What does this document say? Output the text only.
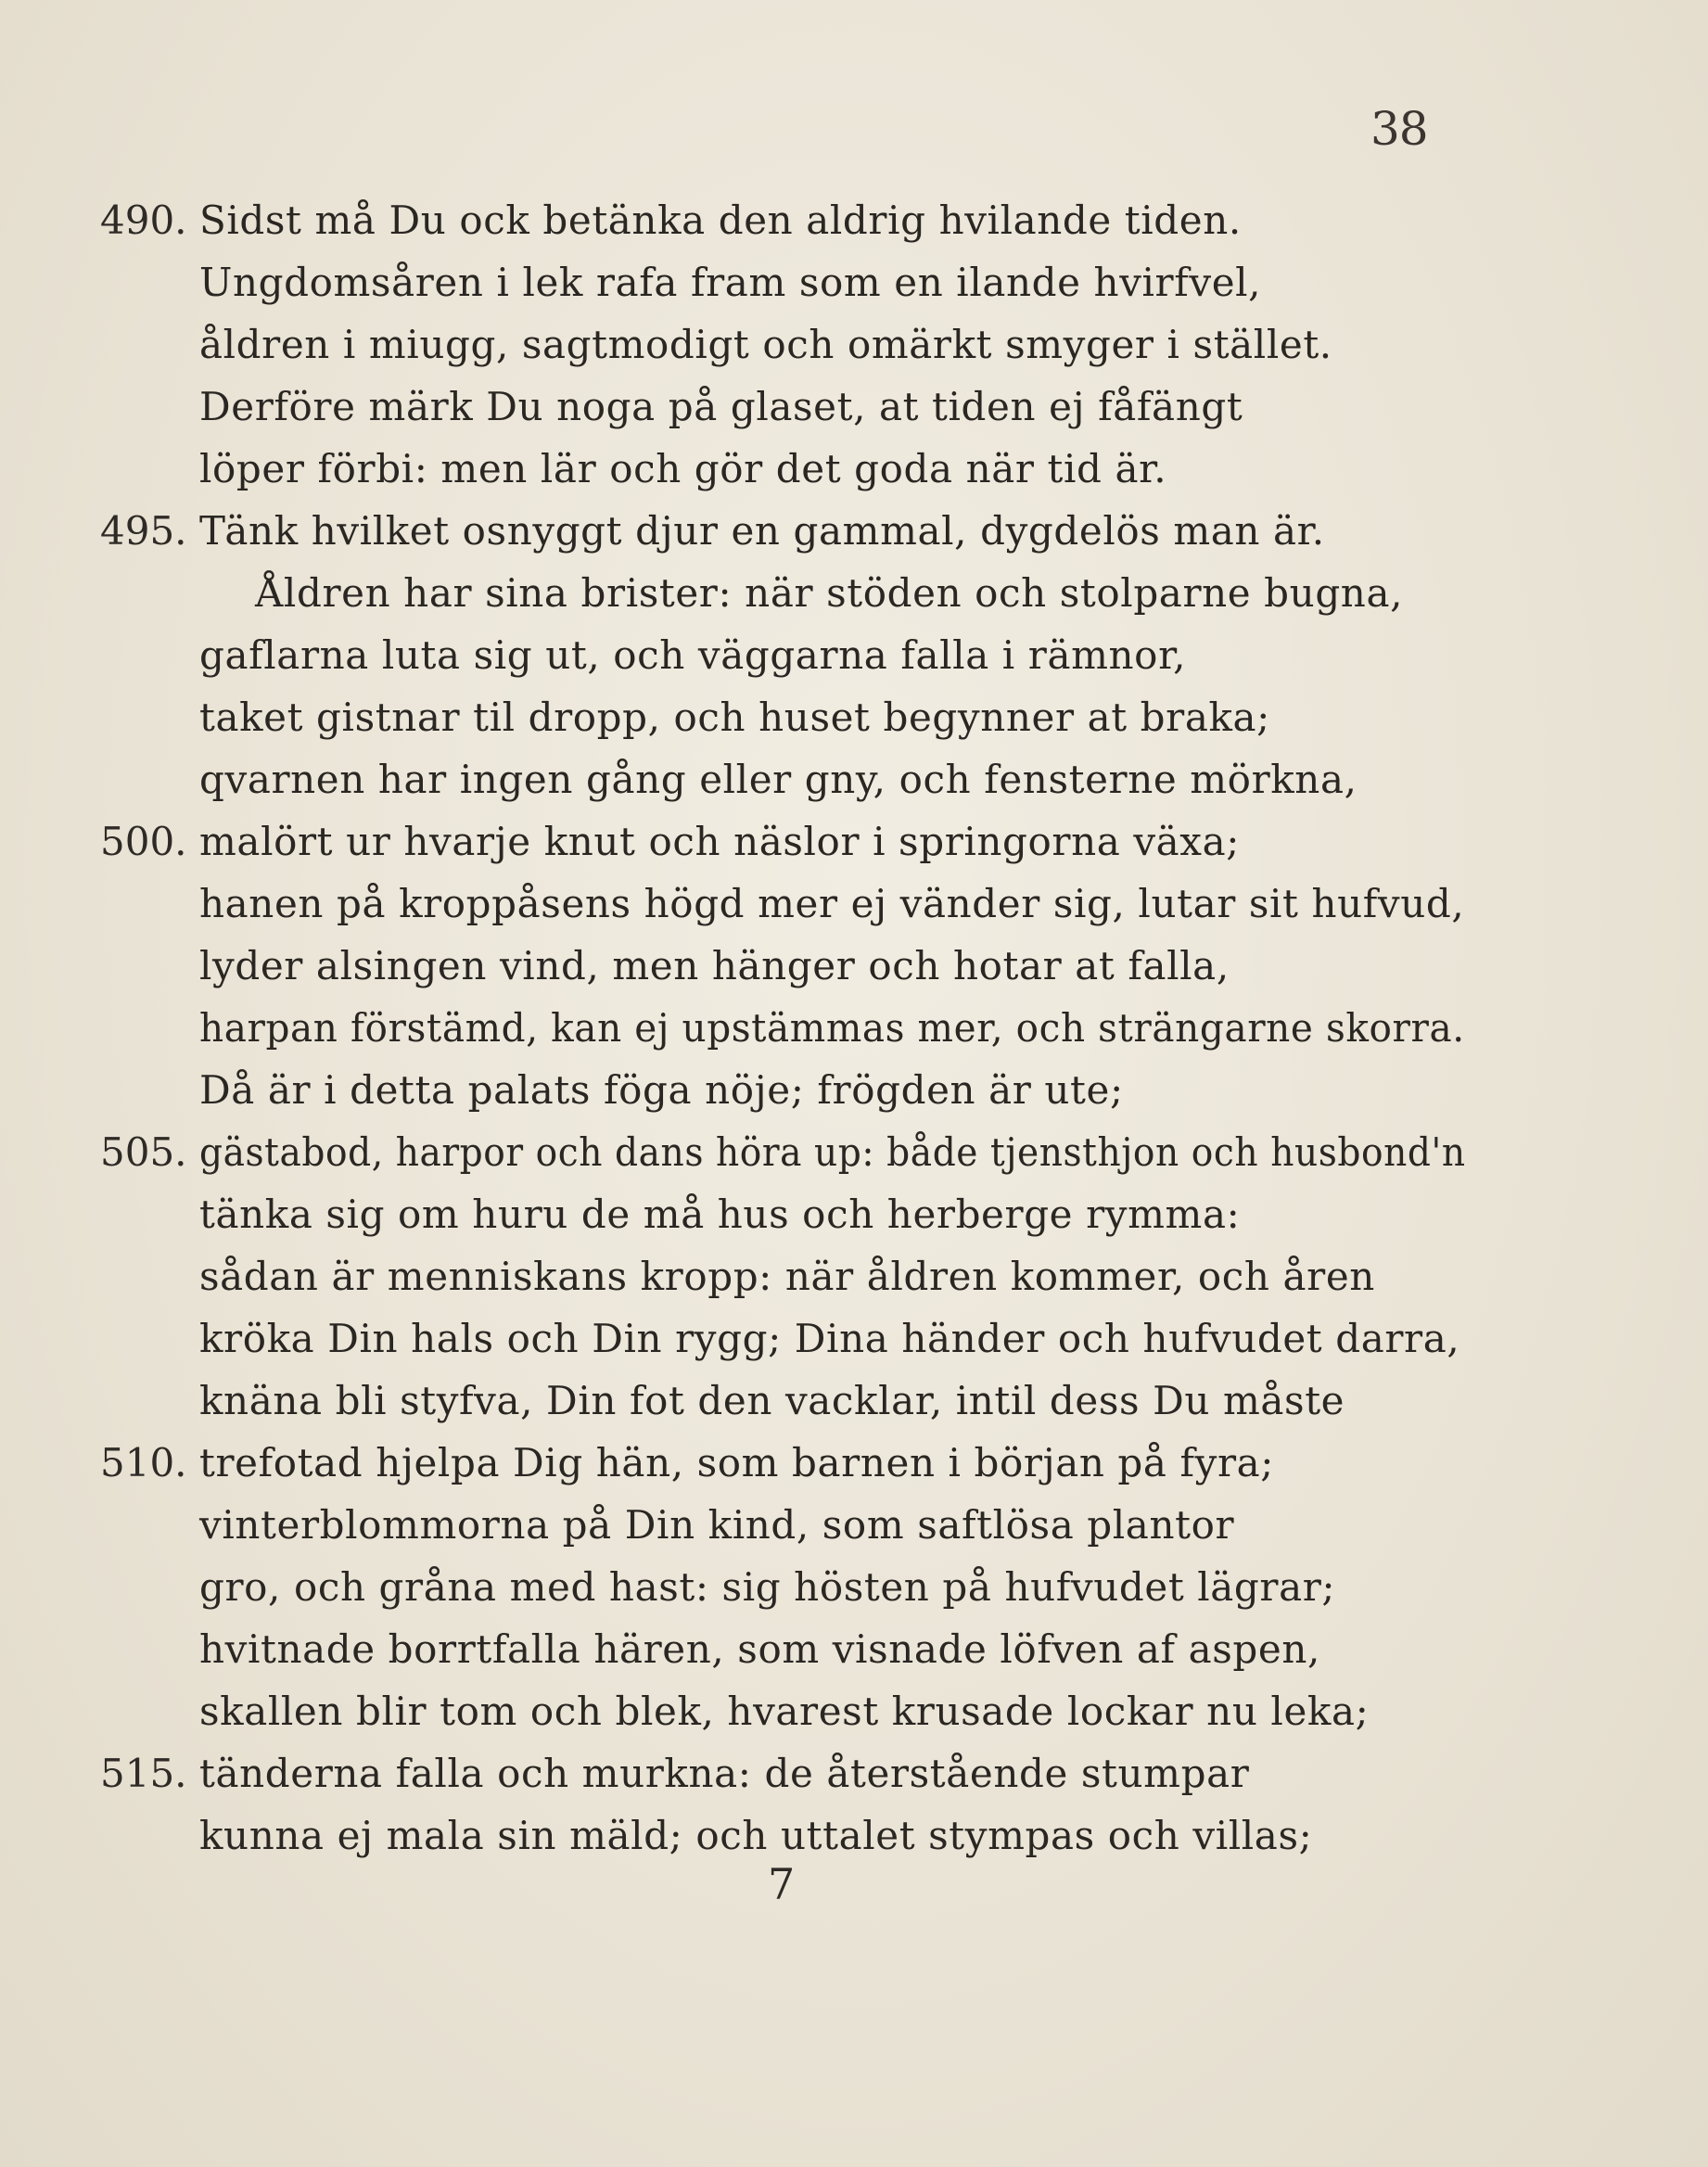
38
490. Sidst må Du ock betänka den aldrig hvilande tiden.
Ungdomsåren i lek rafa fram som en ilande hvirfvel,
åldren i miugg, sagtmodigt och omärkt smyger i stället.
Derföre märk Du noga på glaset, at tiden ej fåfängt
löper förbi: men lär och gör det goda när tid är.
495. Tänk hvilket osnyggt djur en gammal, dygdelös man är.
Åldren har sina brister: när stöden och stolparne bugna,
gaflarna luta sig ut, och väggarna falla i rämnor,
taket gistnar til dropp, och huset begynner at braka;
qvarnen har ingen gång eller gny, och fensterne mörkna,
500. malört ur hvarje knut och näslor i springorna växa;
hanen på kroppåsens högd mer ej vänder sig, lutar sit hufvud,
lyder alsingen vind, men hänger och hotar at falla,
harpan förstämd, kan ej upstämmas mer, och strängarne skorra.
Då är i detta palats föga nöje; frögden är ute;
505. gästabod, harpor och dans höra up: både tjensthjon och husbond'n
tänka sig om huru de må hus och herberge rymma:
sådan är menniskans kropp: när åldren kommer, och åren
kröka Din hals och Din rygg; Dina händer och hufvudet darra,
knäna bli styfva, Din fot den vacklar, intil dess Du måste
510. trefotad hjelpa Dig hän, som barnen i början på fyra;
vinterblommorna på Din kind, som saftlösa plantor
gro, och gråna med hast: sig hösten på hufvudet lägrar;
hvitnade borrtfalla hären, som visnade löfven af aspen,
skallen blir tom och blek, hvarest krusade lockar nu leka;
515. tänderna falla och murkna: de återstående stumpar
kunna ej mala sin mäld; och uttalet stympas och villas;
7
